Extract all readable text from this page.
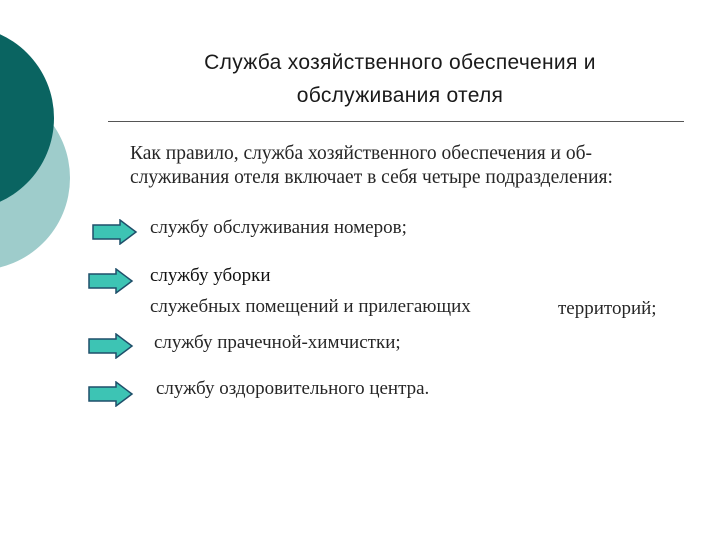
Служба хозяйственного обеспечения и
обслуживания отеля
Как правило, служба хозяйственного обеспечения и об-
служивания отеля включает в себя четыре подразделения:
службу обслуживания номеров;
службу уборки
служебных помещений и прилегающих	территорий;
службу прачечной-химчистки;
службу оздоровительного центра.
